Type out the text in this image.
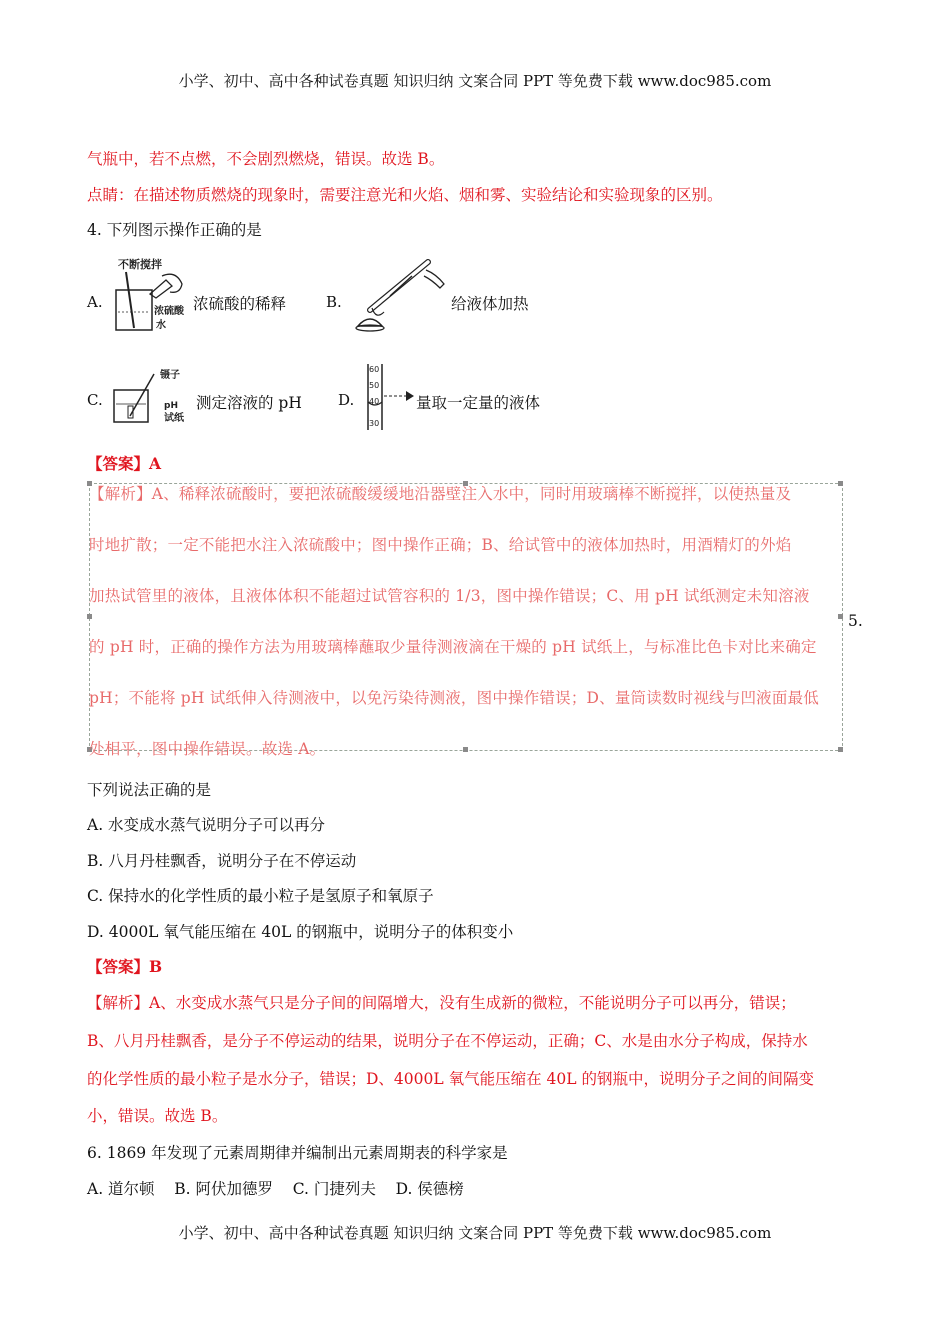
小学、初中、高中各种试卷真题 知识归纳 文案合同 PPT 等免费下载 www.doc985.com
气瓶中，若不点燃，不会剧烈燃烧，错误。故选 B。
点睛：在描述物质燃烧的现象时，需要注意光和火焰、烟和雾、实验结论和实验现象的区别。
4. 下列图示操作正确的是
A.
不断搅拌
浓硫酸
水
浓硫酸的稀释	B.	给液体加热
C.
镊子
pH
试纸
测定溶液的 pH D.
60
50
40
30
量取一定量的液体
【答案】A
【解析】A、稀释浓硫酸时，要把浓硫酸缓缓地沿器壁注入水中，同时用玻璃棒不断搅拌，以使热量及
时地扩散；一定不能把水注入浓硫酸中；图中操作正确；B、给试管中的液体加热时，用酒精灯的外焰
加热试管里的液体，且液体体积不能超过试管容积的 1/3，图中操作错误；C、用 pH 试纸测定未知溶液
的 pH 时，正确的操作方法为用玻璃棒蘸取少量待测液滴在干燥的 pH 试纸上，与标准比色卡对比来确定
pH；不能将 pH 试纸伸入待测液中，以免污染待测液，图中操作错误；D、量筒读数时视线与凹液面最低
处相平，图中操作错误。故选 A。
5.
下列说法正确的是
A. 水变成水蒸气说明分子可以再分
B. 八月丹桂飘香，说明分子在不停运动
C. 保持水的化学性质的最小粒子是氢原子和氧原子
D. 4000L 氧气能压缩在 40L 的钢瓶中，说明分子的体积变小
【答案】B
【解析】A、水变成水蒸气只是分子间的间隔增大，没有生成新的微粒，不能说明分子可以再分，错误；
B、八月丹桂飘香，是分子不停运动的结果，说明分子在不停运动，正确；C、水是由水分子构成，保持水
的化学性质的最小粒子是水分子，错误；D、4000L 氧气能压缩在 40L 的钢瓶中，说明分子之间的间隔变
小，错误。故选 B。
6. 1869 年发现了元素周期律并编制出元素周期表的科学家是
A. 道尔顿    B. 阿伏加德罗    C. 门捷列夫    D. 侯德榜
小学、初中、高中各种试卷真题 知识归纳 文案合同 PPT 等免费下载 www.doc985.com
